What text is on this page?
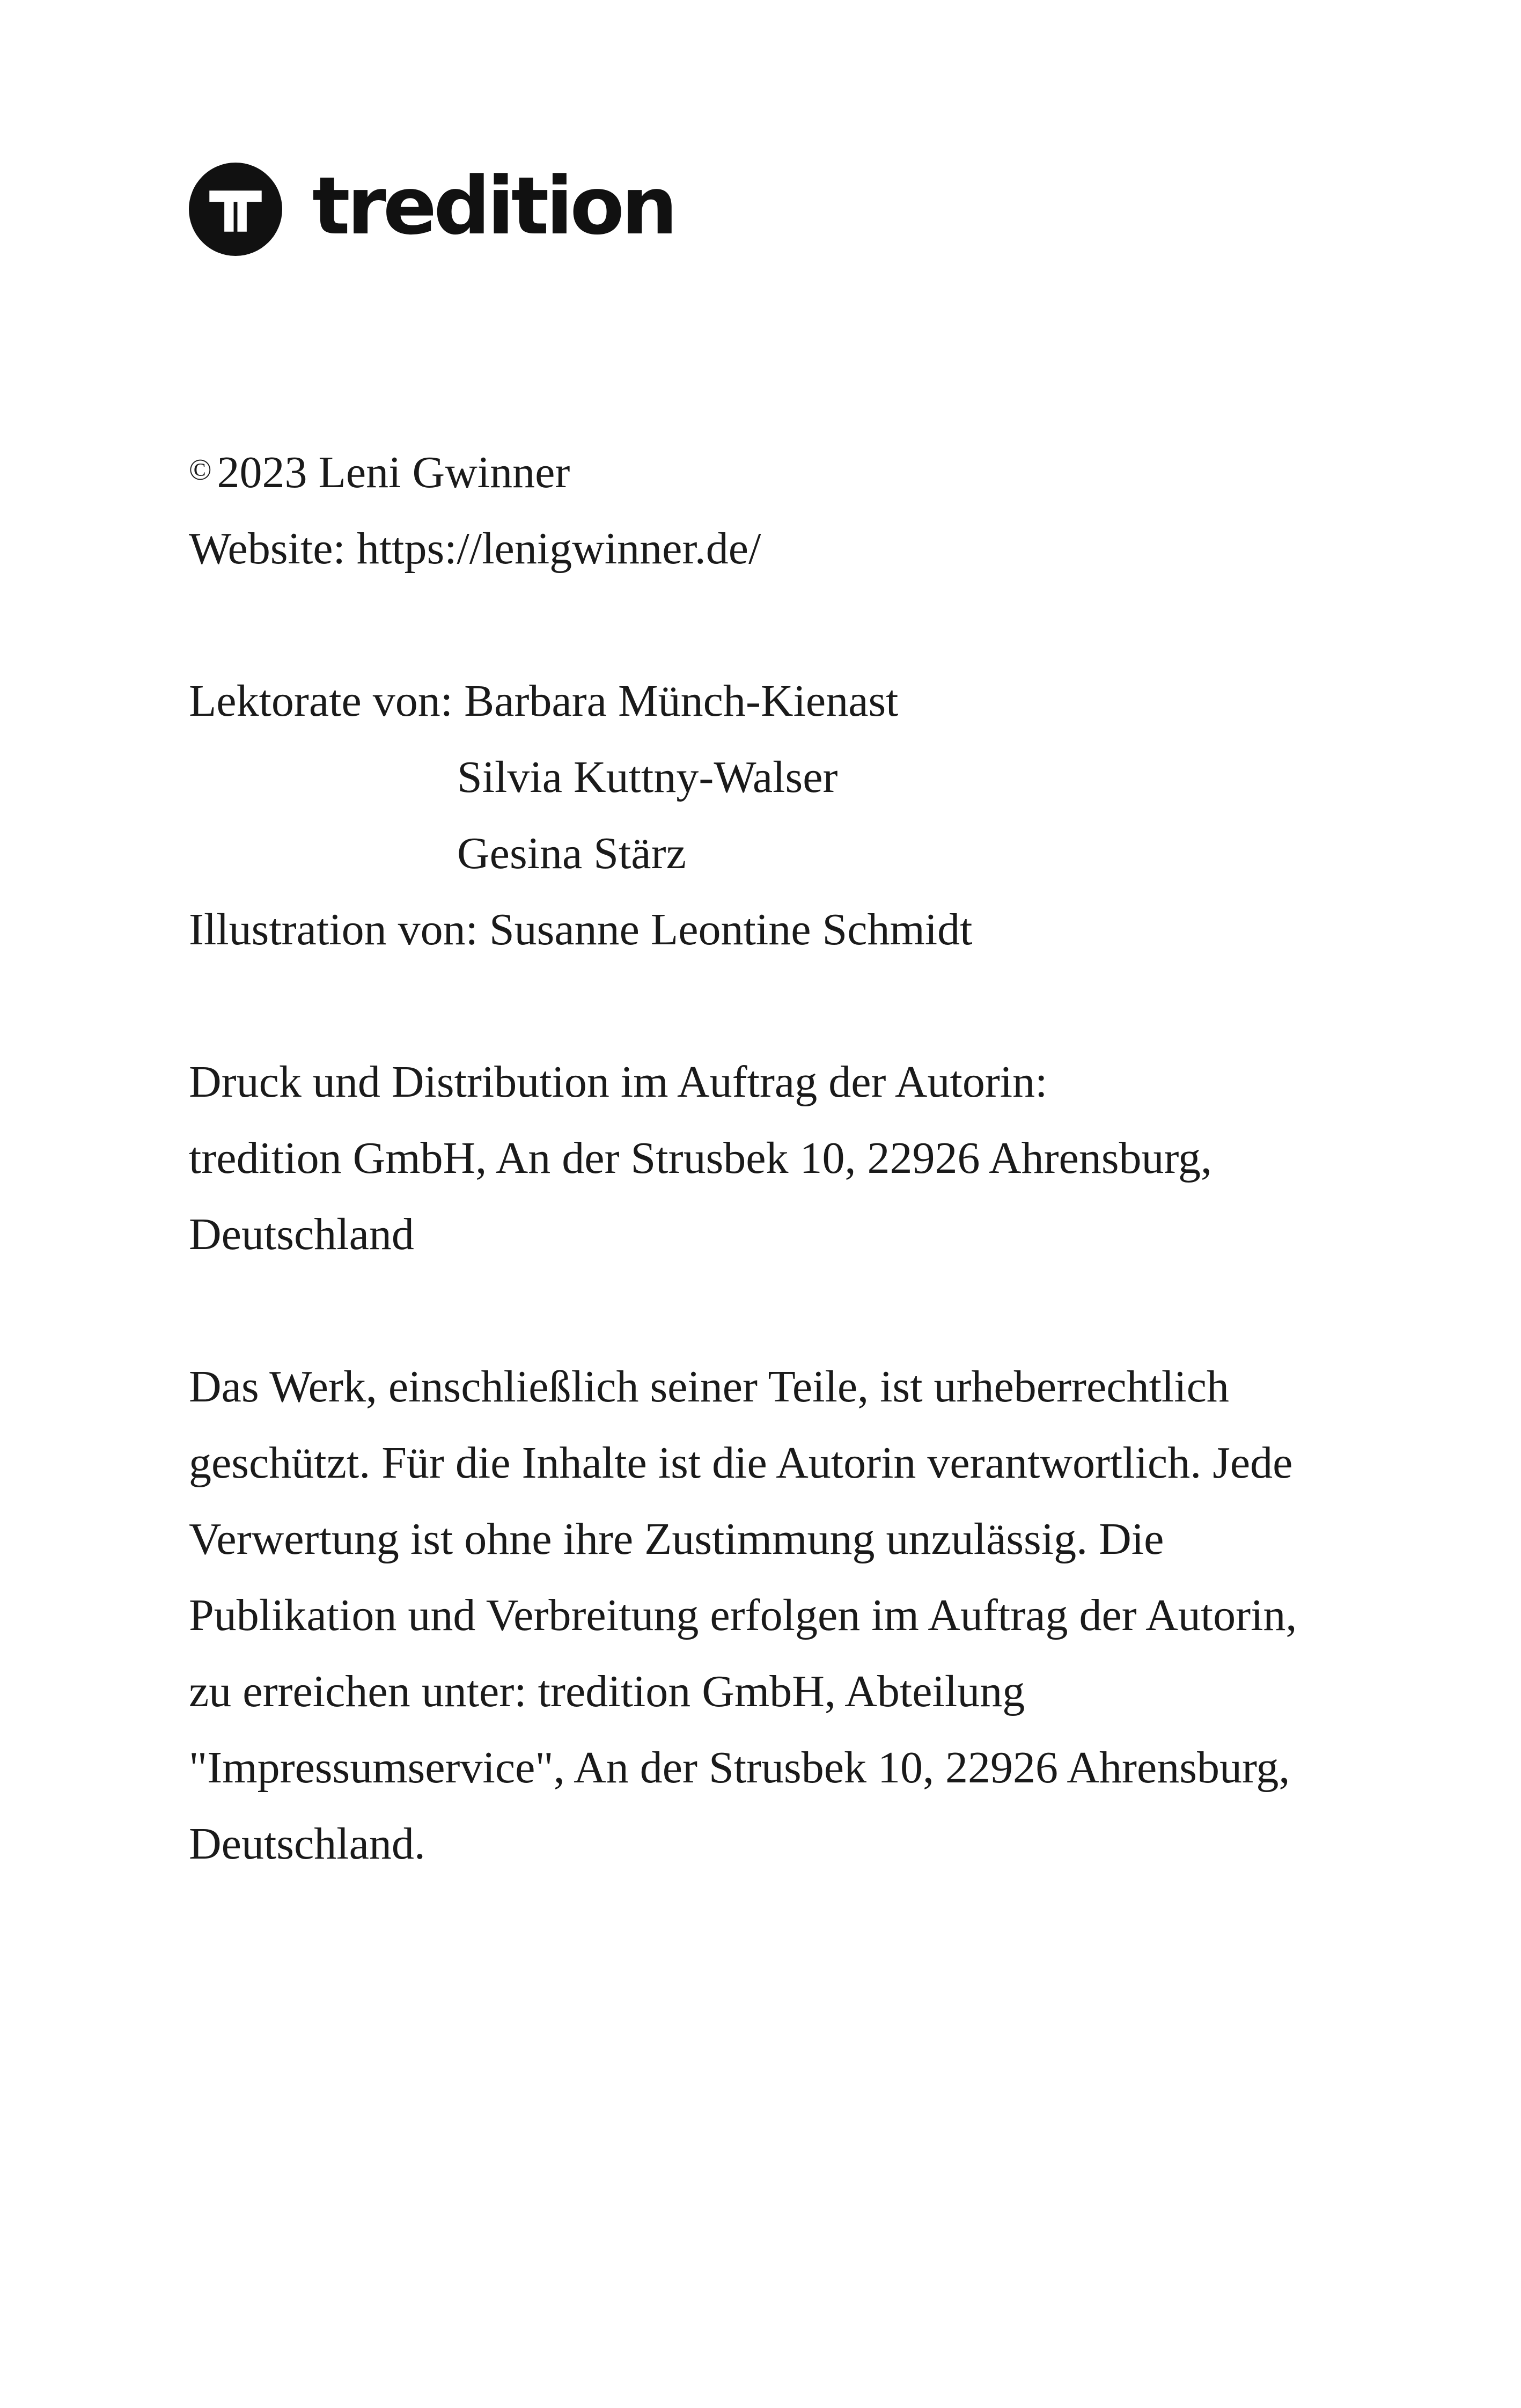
tredition
© 2023 Leni Gwinner
Website: https://lenigwinner.de/
Lektorate von: Barbara Münch-Kienast
Silvia Kuttny-Walser
Gesina Stärz
Illustration von: Susanne Leontine Schmidt
Druck und Distribution im Auftrag der Autorin:
tredition GmbH, An der Strusbek 10, 22926 Ahrensburg,
Deutschland
Das Werk, einschließlich seiner Teile, ist urheberrechtlich
geschützt. Für die Inhalte ist die Autorin verantwortlich. Jede
Verwertung ist ohne ihre Zustimmung unzulässig. Die
Publikation und Verbreitung erfolgen im Auftrag der Autorin,
zu erreichen unter: tredition GmbH, Abteilung
"Impressumservice", An der Strusbek 10, 22926 Ahrensburg,
Deutschland.
